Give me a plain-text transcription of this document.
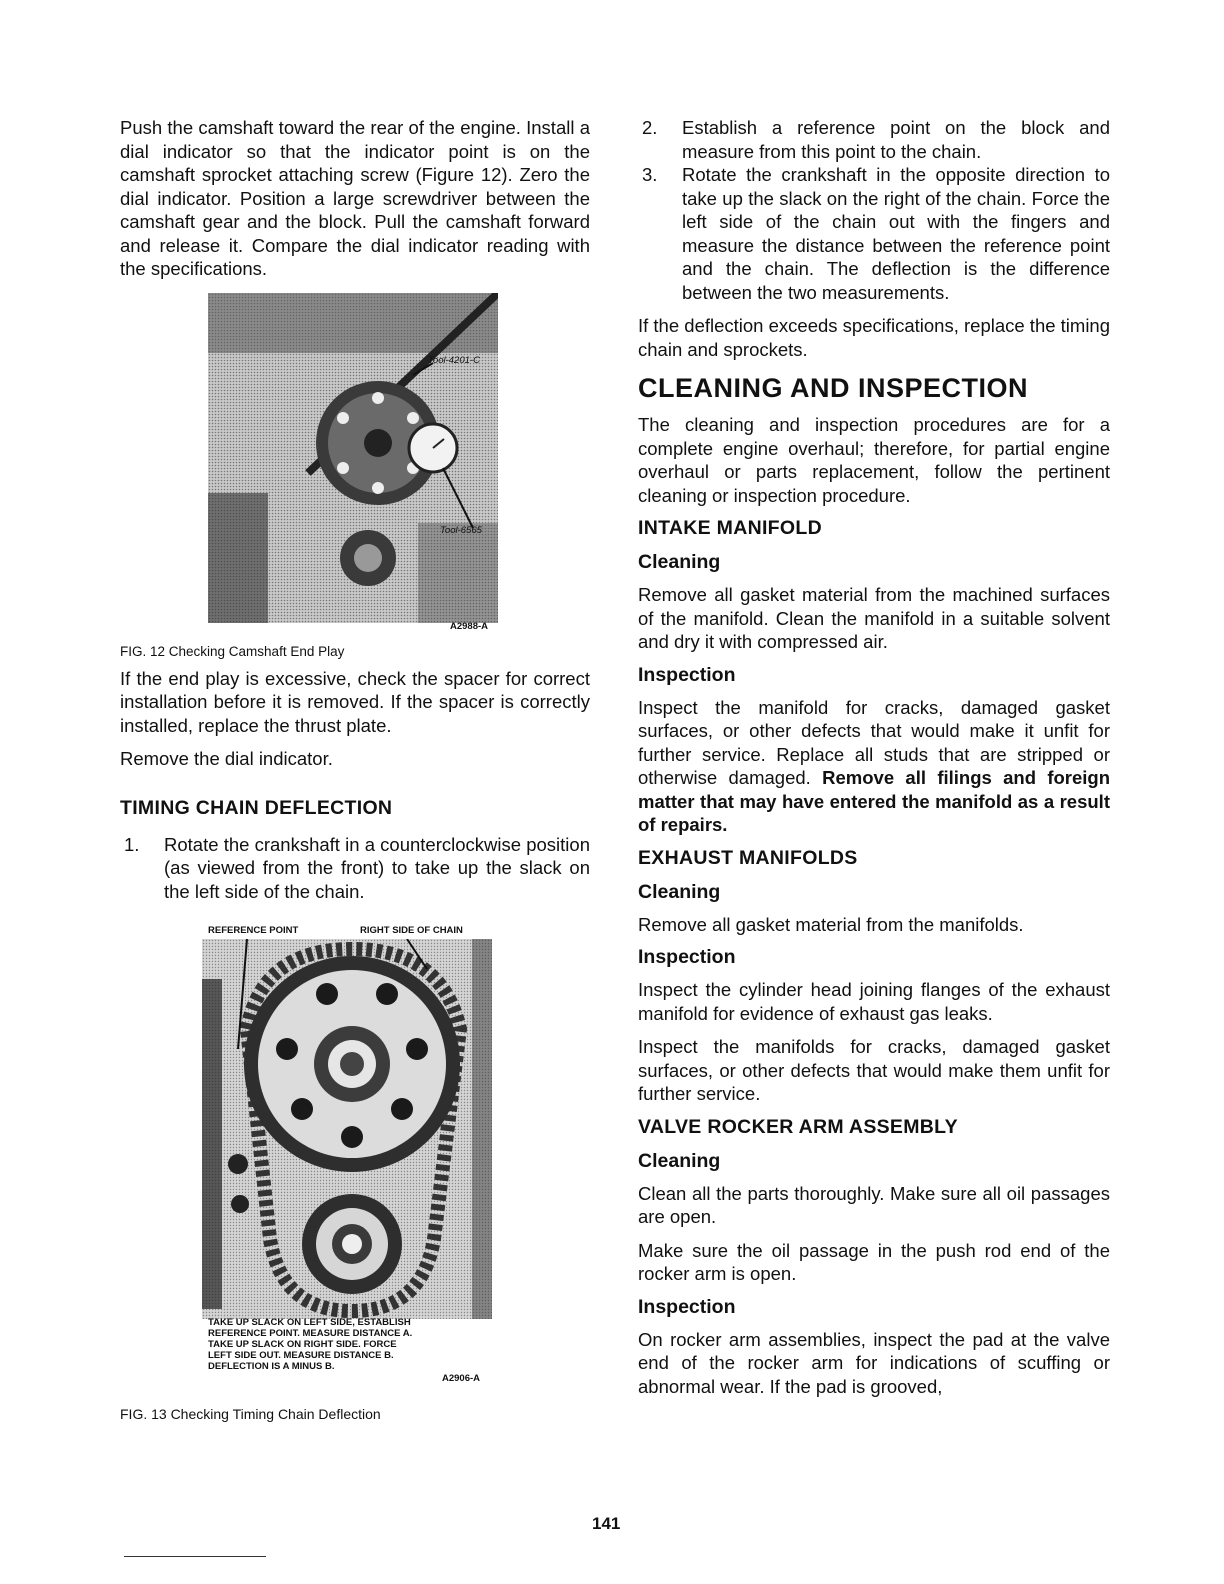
Push the camshaft toward the rear of the engine. Install a dial indicator so that the indicator point is on the camshaft sprocket attaching screw (Figure 12). Zero the dial indicator. Position a large screwdriver between the camshaft gear and the block. Pull the camshaft forward and release it. Compare the dial indicator reading with the specifications.

Tool-4201-C
Tool-6565
A2988-A

FIG. 12 Checking Camshaft End Play

If the end play is excessive, check the spacer for correct installation before it is removed. If the spacer is correctly installed, replace the thrust plate.

Remove the dial indicator.

TIMING CHAIN DEFLECTION
1. Rotate the crankshaft in a counterclockwise position (as viewed from the front) to take up the slack on the left side of the chain.
REFERENCE POINT	RIGHT SIDE OF CHAIN
TAKE UP SLACK ON LEFT SIDE, ESTABLISH
REFERENCE POINT. MEASURE DISTANCE A.
TAKE UP SLACK ON RIGHT SIDE. FORCE
LEFT SIDE OUT. MEASURE DISTANCE B.
DEFLECTION IS A MINUS B.
A2906-A

FIG. 13 Checking Timing Chain Deflection

2. Establish a reference point on the block and measure from this point to the chain.
3. Rotate the crankshaft in the opposite direction to take up the slack on the right of the chain. Force the left side of the chain out with the fingers and measure the distance between the reference point and the chain. The deflection is the difference between the two measurements.

If the deflection exceeds specifications, replace the timing chain and sprockets.

CLEANING AND INSPECTION

The cleaning and inspection procedures are for a complete engine overhaul; therefore, for partial engine overhaul or parts replacement, follow the pertinent cleaning or inspection procedure.

INTAKE MANIFOLD
Cleaning

Remove all gasket material from the machined surfaces of the manifold. Clean the manifold in a suitable solvent and dry it with compressed air.

Inspection

Inspect the manifold for cracks, damaged gasket surfaces, or other defects that would make it unfit for further service. Replace all studs that are stripped or otherwise damaged. Remove all filings and foreign matter that may have entered the manifold as a result of repairs.

EXHAUST MANIFOLDS
Cleaning

Remove all gasket material from the manifolds.

Inspection

Inspect the cylinder head joining flanges of the exhaust manifold for evidence of exhaust gas leaks.

Inspect the manifolds for cracks, damaged gasket surfaces, or other defects that would make them unfit for further service.

VALVE ROCKER ARM ASSEMBLY
Cleaning

Clean all the parts thoroughly. Make sure all oil passages are open.

Make sure the oil passage in the push rod end of the rocker arm is open.

Inspection

On rocker arm assemblies, inspect the pad at the valve end of the rocker arm for indications of scuffing or abnormal wear. If the pad is grooved,

141
